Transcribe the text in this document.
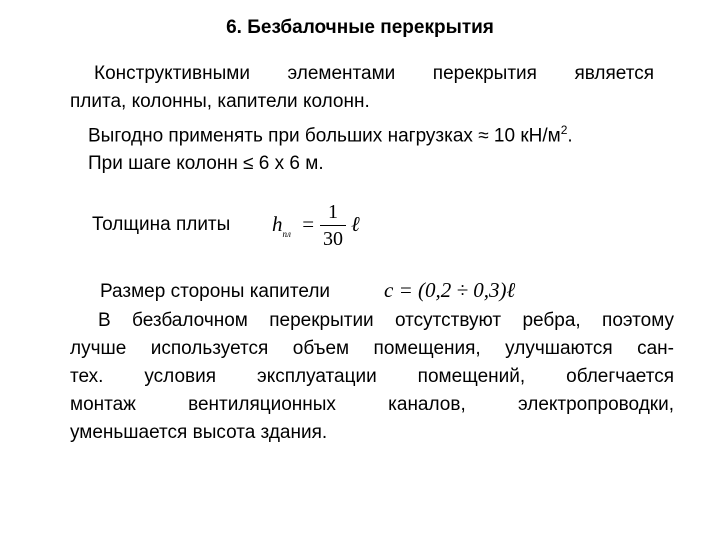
6. Безбалочные перекрытия
Конструктивными элементами перекрытия является
плита, колонны, капители колонн.
Выгодно применять при больших нагрузках ≈ 10 $кН/м^2$.
При шаге колонн ≤ 6 x 6 м.
Толщина плиты	$h_{пл} = 1$
30
ℓ
Размер стороны капители	c = (0,2 ÷ 0,3)ℓ
В безбалочном перекрытии отсутствуют ребра, поэтому
лучше используется объем помещения, улучшаются сан-
тех. условия эксплуатации помещений, облегчается
монтаж вентиляционных каналов, электропроводки,
уменьшается высота здания.
